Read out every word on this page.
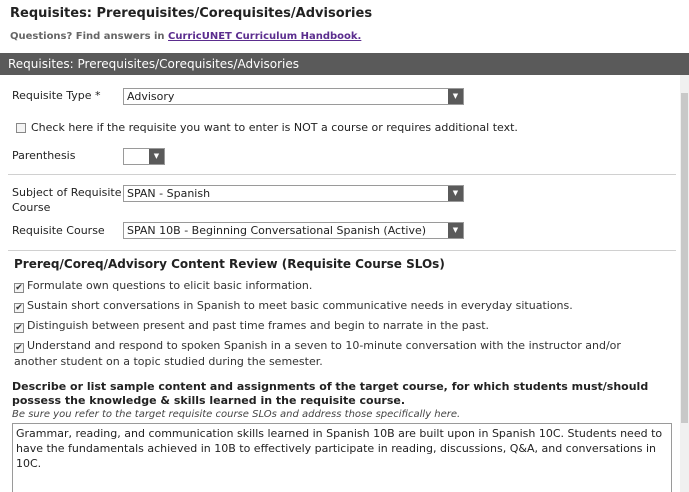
Requisites: Prerequisites/Corequisites/Advisories
Questions? Find answers in CurricUNET Curriculum Handbook.
Requisites: Prerequisites/Corequisites/Advisories
Requisite Type *	Advisory	▼
Check here if the requisite you want to enter is NOT a course or requires additional text.
Parenthesis	▼
Subject of Requisite
Course
SPAN - Spanish	▼
Requisite Course	SPAN 10B - Beginning Conversational Spanish (Active)	▼
Prereq/Coreq/Advisory Content Review (Requisite Course SLOs)
✔ Formulate own questions to elicit basic information.
✔ Sustain short conversations in Spanish to meet basic communicative needs in everyday situations.
✔ Distinguish between present and past time frames and begin to narrate in the past.
✔ Understand and respond to spoken Spanish in a seven to 10-minute conversation with the instructor and/or another student on a topic studied during the semester.
Describe or list sample content and assignments of the target course, for which students must/should possess the knowledge & skills learned in the requisite course.
Be sure you refer to the target requisite course SLOs and address those specifically here.
Grammar, reading, and communication skills learned in Spanish 10B are built upon in Spanish 10C. Students need to have the fundamentals achieved in 10B to effectively participate in reading, discussions, Q&A, and conversations in 10C.
